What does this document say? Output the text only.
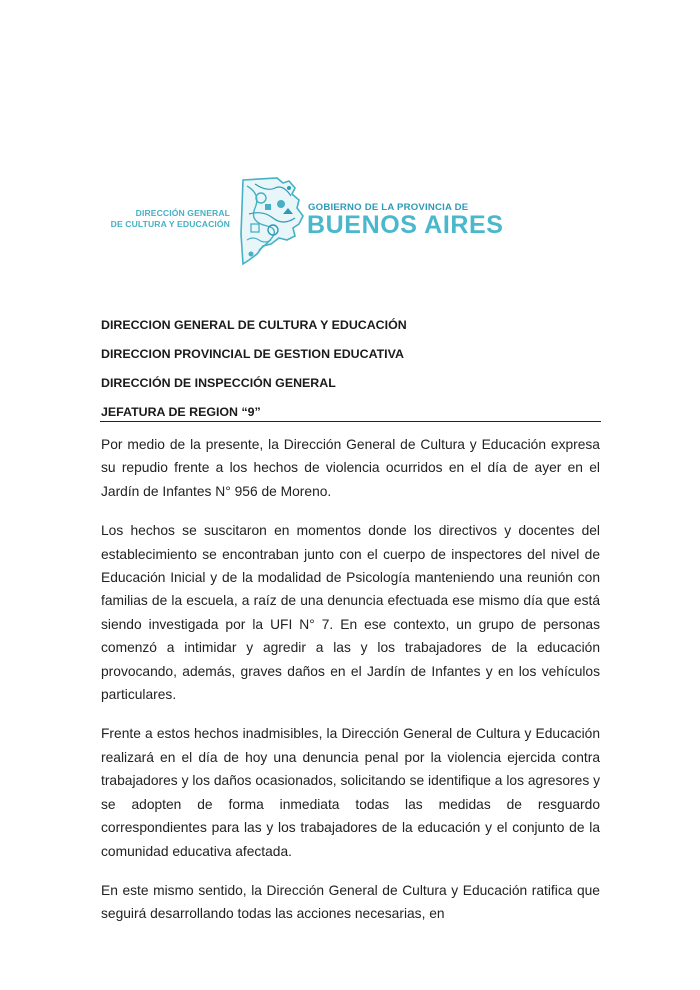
DIRECCIÓN GENERAL
DE CULTURA Y EDUCACIÓN
GOBIERNO DE LA PROVINCIA DE
BUENOS AIRES
DIRECCION GENERAL DE CULTURA Y EDUCACIÓN
DIRECCION PROVINCIAL DE GESTION EDUCATIVA
DIRECCIÓN DE INSPECCIÓN GENERAL
JEFATURA DE REGION “9”

Por medio de la presente, la Dirección General de Cultura y Educación expresa su repudio frente a los hechos de violencia ocurridos en el día de ayer en el Jardín de Infantes N° 956 de Moreno.

Los hechos se suscitaron en momentos donde los directivos y docentes del establecimiento se encontraban junto con el cuerpo de inspectores del nivel de Educación Inicial y de la modalidad de Psicología manteniendo una reunión con familias de la escuela, a raíz de una denuncia efectuada ese mismo día que está siendo investigada por la UFI N° 7. En ese contexto, un grupo de personas comenzó a intimidar y agredir a las y los trabajadores de la educación provocando, además, graves daños en el Jardín de Infantes y en los vehículos particulares.

Frente a estos hechos inadmisibles, la Dirección General de Cultura y Educación realizará en el día de hoy una denuncia penal por la violencia ejercida contra trabajadores y los daños ocasionados, solicitando se identifique a los agresores y se adopten de forma inmediata todas las medidas de resguardo correspondientes para las y los trabajadores de la educación y el conjunto de la comunidad educativa afectada.

En este mismo sentido, la Dirección General de Cultura y Educación ratifica que seguirá desarrollando todas las acciones necesarias, en
